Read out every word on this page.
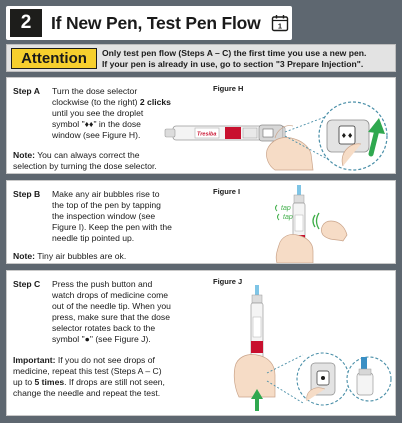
2	If New Pen, Test Pen Flow 1
Attention	Only test pen flow (Steps A – C) the first time you use a new pen.
If your pen is already in use, go to section "3 Prepare Injection".
Step A Turn the dose selector
clockwise (to the right) 2 clicks
until you see the droplet
symbol "♦♦" in the dose
window (see Figure H).
Note: You can always correct the
selection by turning the dose selector.
Figure H
Tresiba	♦♦
Step B Make any air bubbles rise to
the top of the pen by tapping
the inspection window (see
Figure I). Keep the pen with the
needle tip pointed up.
Note: Tiny air bubbles are ok.
Figure I
tap
tap
Step C Press the push button and
watch drops of medicine come
out of the needle tip. When you
press, make sure that the dose
selector rotates back to the
symbol "●" (see Figure J).
Important: If you do not see drops of
medicine, repeat this test (Steps A – C)
up to 5 times. If drops are still not seen,
change the needle and repeat the test.
Figure J
